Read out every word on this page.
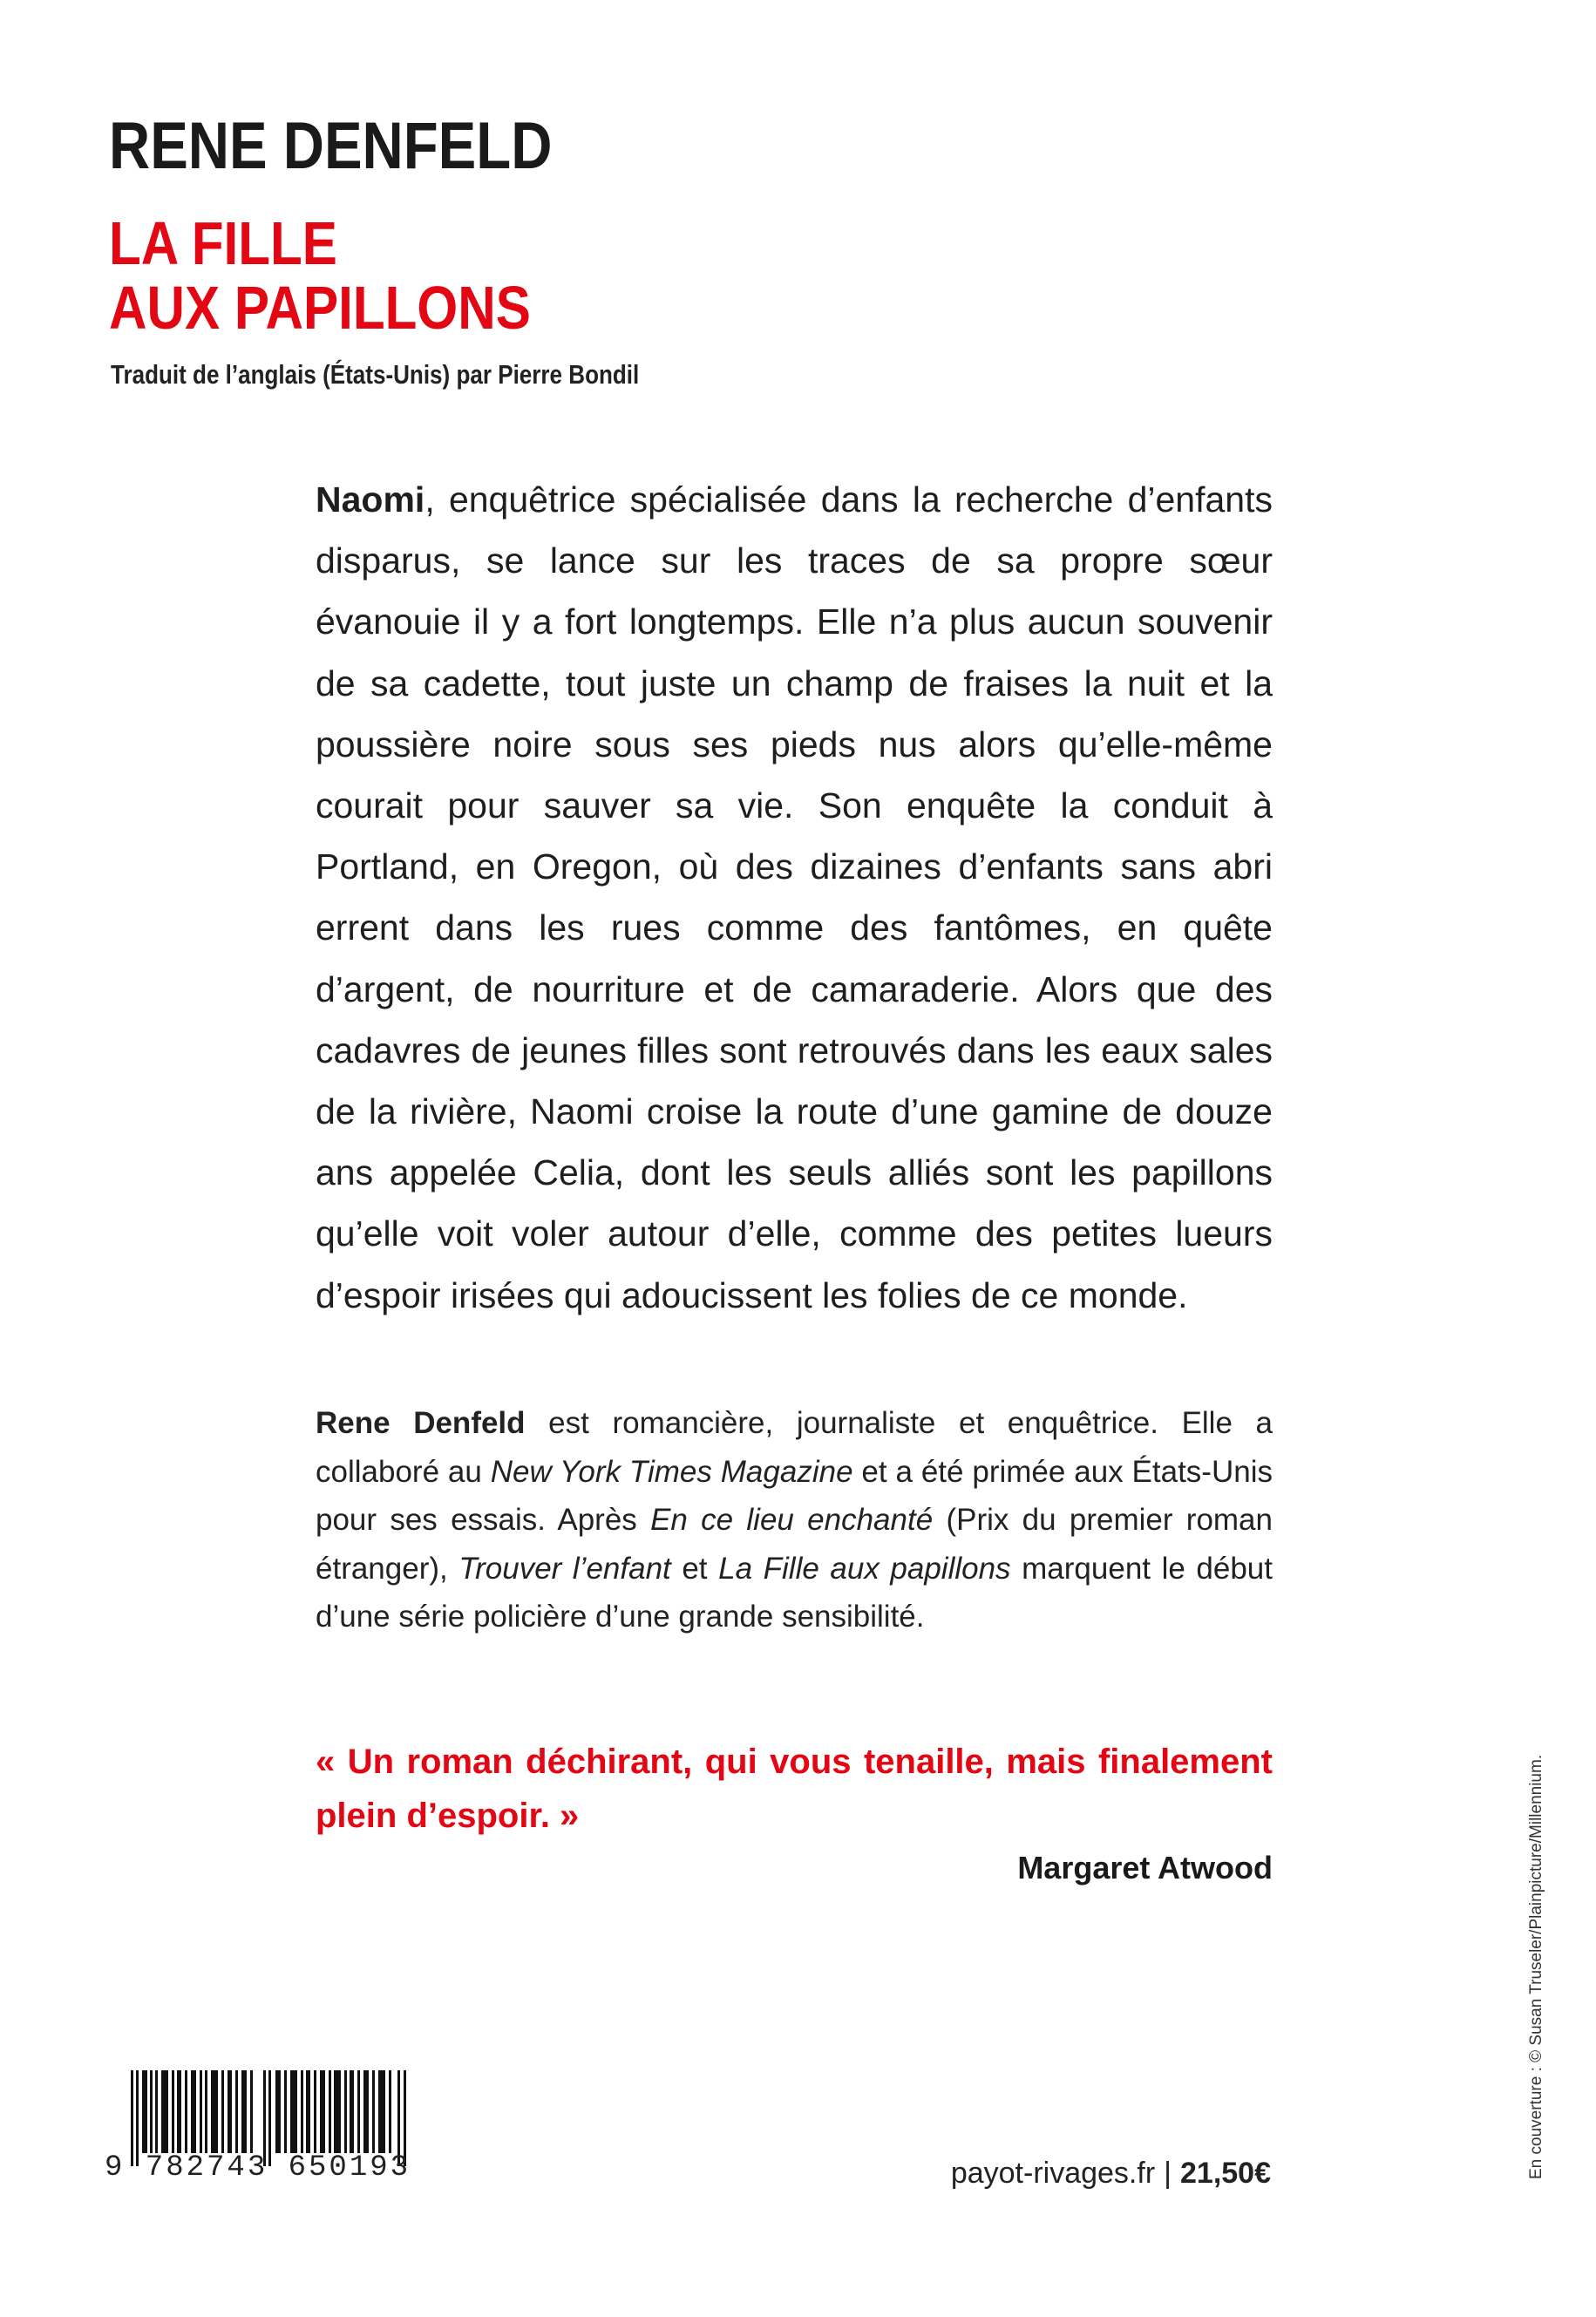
RENE DENFELD
LA FILLE
AUX PAPILLONS
Traduit de l’anglais (États-Unis) par Pierre Bondil

Naomi, enquêtrice spécialisée dans la recherche d’enfants disparus, se lance sur les traces de sa propre sœur évanouie il y a fort longtemps. Elle n’a plus aucun souvenir de sa cadette, tout juste un champ de fraises la nuit et la poussière noire sous ses pieds nus alors qu’elle-même courait pour sauver sa vie. Son enquête la conduit à Portland, en Oregon, où des dizaines d’enfants sans abri errent dans les rues comme des fantômes, en quête d’argent, de nourriture et de camaraderie. Alors que des cadavres de jeunes filles sont retrouvés dans les eaux sales de la rivière, Naomi croise la route d’une gamine de douze ans appelée Celia, dont les seuls alliés sont les papillons qu’elle voit voler autour d’elle, comme des petites lueurs d’espoir irisées qui adoucissent les folies de ce monde.

Rene Denfeld est romancière, journaliste et enquêtrice. Elle a collaboré au New York Times Magazine et a été primée aux États-Unis pour ses essais. Après En ce lieu enchanté (Prix du premier roman étranger), Trouver l’enfant et La Fille aux papillons marquent le début d’une série policière d’une grande sensibilité.

« Un roman déchirant, qui vous tenaille, mais finalement plein d’espoir. »

Margaret Atwood
9 782743 650193	payot-rivages.fr | 21,50€	En couverture : © Susan Truseler/Plainpicture/Millennium.
